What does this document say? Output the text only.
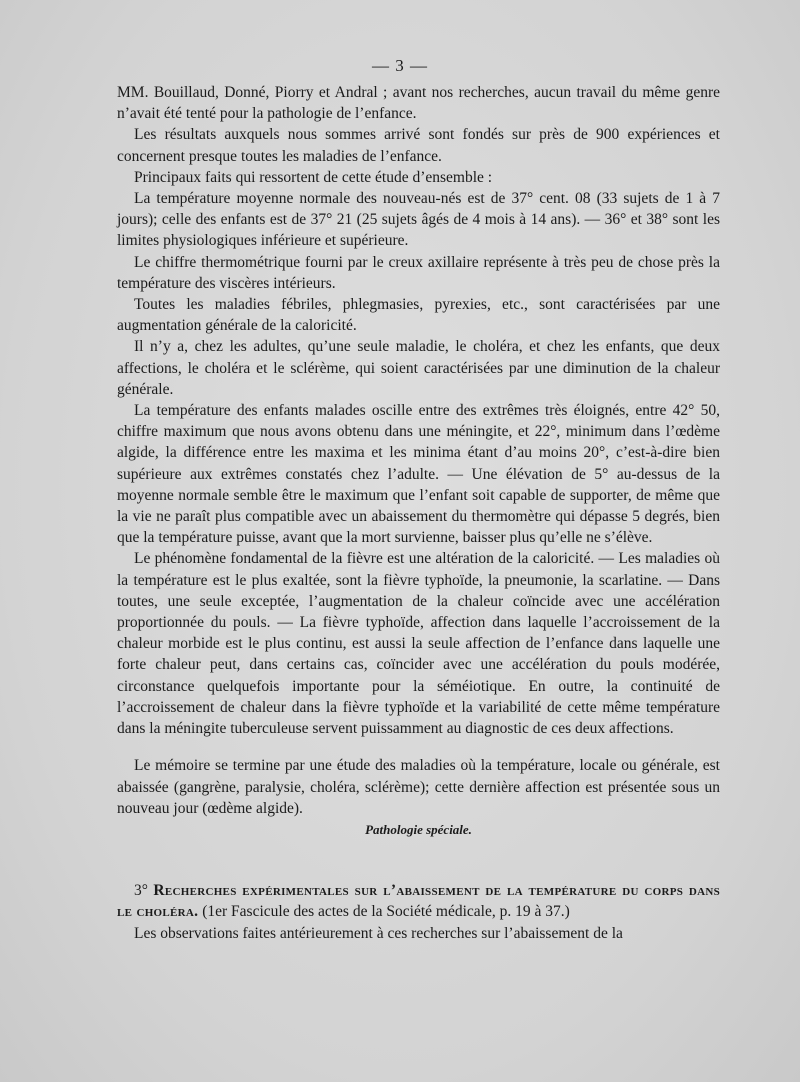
— 3 —

MM. Bouillaud, Donné, Piorry et Andral ; avant nos recherches, aucun travail du même genre n’avait été tenté pour la pathologie de l’enfance.

Les résultats auxquels nous sommes arrivé sont fondés sur près de 900 expériences et concernent presque toutes les maladies de l’enfance.

Principaux faits qui ressortent de cette étude d’ensemble :

La température moyenne normale des nouveau-nés est de 37° cent. 08 (33 sujets de 1 à 7 jours); celle des enfants est de 37° 21 (25 sujets âgés de 4 mois à 14 ans). — 36° et 38° sont les limites physiologiques inférieure et supérieure.

Le chiffre thermométrique fourni par le creux axillaire représente à très peu de chose près la température des viscères intérieurs.

Toutes les maladies fébriles, phlegmasies, pyrexies, etc., sont caractérisées par une augmentation générale de la caloricité.

Il n’y a, chez les adultes, qu’une seule maladie, le choléra, et chez les enfants, que deux affections, le choléra et le sclérème, qui soient caractérisées par une diminution de la chaleur générale.

La température des enfants malades oscille entre des extrêmes très éloignés, entre 42° 50, chiffre maximum que nous avons obtenu dans une méningite, et 22°, minimum dans l’œdème algide, la différence entre les maxima et les minima étant d’au moins 20°, c’est-à-dire bien supérieure aux extrêmes constatés chez l’adulte. — Une élévation de 5° au-dessus de la moyenne normale semble être le maximum que l’enfant soit capable de supporter, de même que la vie ne paraît plus compatible avec un abaissement du thermomètre qui dépasse 5 degrés, bien que la température puisse, avant que la mort survienne, baisser plus qu’elle ne s’élève.

Le phénomène fondamental de la fièvre est une altération de la caloricité. — Les maladies où la température est le plus exaltée, sont la fièvre typhoïde, la pneumonie, la scarlatine. — Dans toutes, une seule exceptée, l’augmentation de la chaleur coïncide avec une accélération proportionnée du pouls. — La fièvre typhoïde, affection dans laquelle l’accroissement de la chaleur morbide est le plus continu, est aussi la seule affection de l’enfance dans laquelle une forte chaleur peut, dans certains cas, coïncider avec une accélération du pouls modérée, circonstance quelquefois importante pour la séméiotique. En outre, la continuité de l’accroissement de chaleur dans la fièvre typhoïde et la variabilité de cette même température dans la méningite tuberculeuse servent puissamment au diagnostic de ces deux affections.

Le mémoire se termine par une étude des maladies où la température, locale ou générale, est abaissée (gangrène, paralysie, choléra, sclérème); cette dernière affection est présentée sous un nouveau jour (œdème algide).

Pathologie spéciale.

3° Recherches expérimentales sur l’abaissement de la température du corps dans le choléra. (1er Fascicule des actes de la Société médicale, p. 19 à 37.)

Les observations faites antérieurement à ces recherches sur l’abaissement de la
